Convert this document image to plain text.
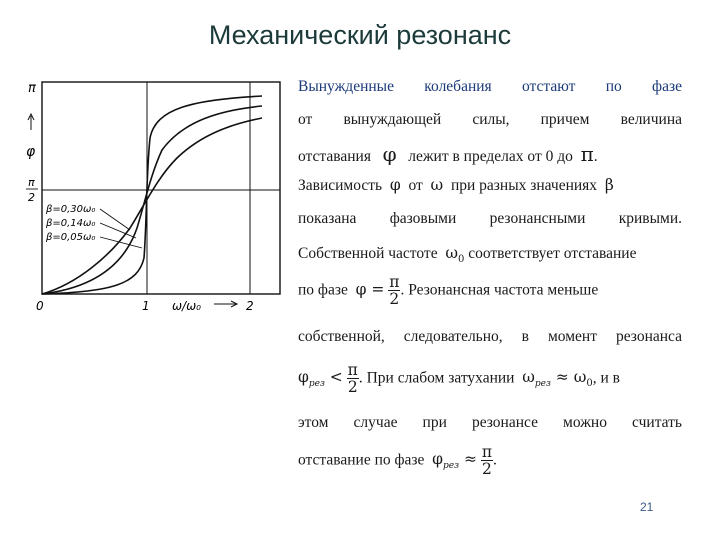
Механический резонанс
π
φ
π
2
0	1	2
ω/ω₀
β=0,30ω₀
β=0,14ω₀
β=0,05ω₀
Вынужденные колебания отстают по фазе
от вынуждающей силы, причем величина
отставания φ лежит в пределах от 0 до π.
Зависимость φ от ω при разных значениях β
показана фазовыми резонансными кривыми.
Собственной частоте $\omega_0$ соответствует отставание
по фазе $\varphi = \frac{\pi}{2}$ . Резонансная частота меньше
собственной, следовательно, в момент резонанса
$\varphi_{рез} < \frac{\pi}{2}$ . При слабом затухании $\omega_{рез} \approx \omega_0$, и в
этом случае при резонансе можно считать
отставание по фазе $\varphi_{рез} \approx \frac{\pi}{2}$ .
21
